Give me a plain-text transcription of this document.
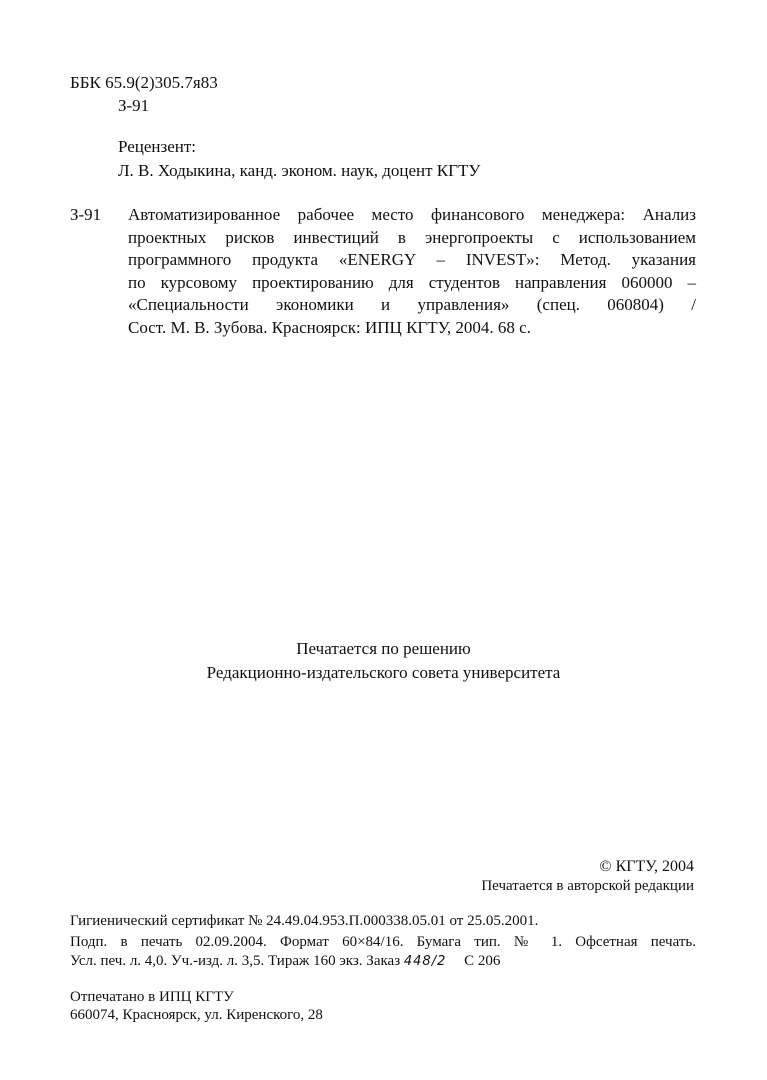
ББК 65.9(2)305.7я83
З-91
Рецензент:
Л. В. Ходыкина, канд. эконом. наук, доцент КГТУ
З-91 Автоматизированное рабочее место финансового менеджера: Анализ
проектных рисков инвестиций в энергопроекты с использованием
программного продукта «ENERGY – INVEST»: Метод. указания
по курсовому проектированию для студентов направления 060000 –
«Специальности экономики и управления» (спец. 060804) /
Сост. М. В. Зубова. Красноярск: ИПЦ КГТУ, 2004. 68 с.
Печатается по решению
Редакционно-издательского совета университета
© КГТУ, 2004
Печатается в авторской редакции
Гигиенический сертификат № 24.49.04.953.П.000338.05.01 от 25.05.2001.
Подп. в печать 02.09.2004. Формат 60×84/16. Бумага тип. № 1. Офсетная печать.
Усл. печ. л. 4,0. Уч.-изд. л. 3,5. Тираж 160 экз. Заказ 448/2 С 206
Отпечатано в ИПЦ КГТУ
660074, Красноярск, ул. Киренского, 28
